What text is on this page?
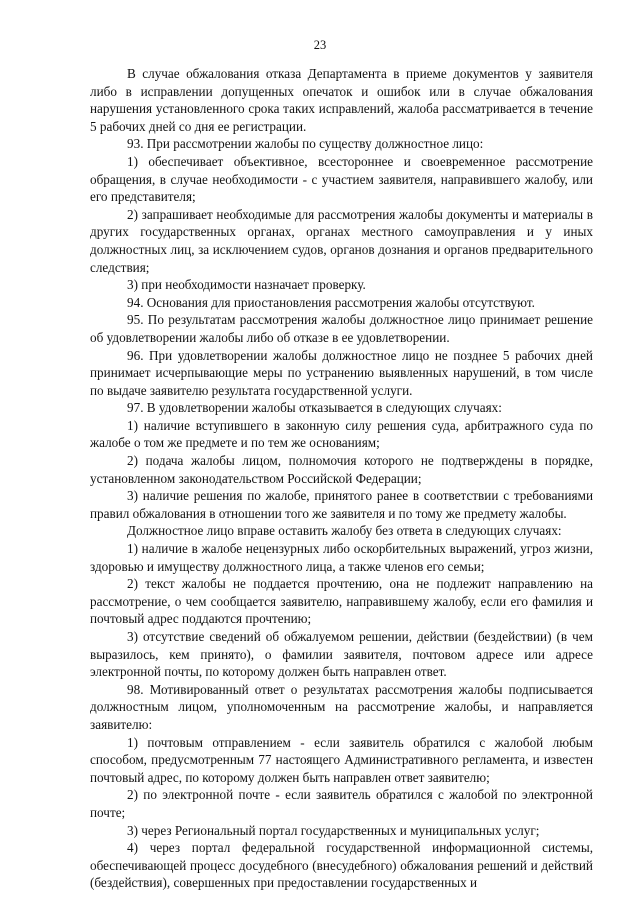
23

В случае обжалования отказа Департамента в приеме документов у заявителя либо в исправлении допущенных опечаток и ошибок или в случае обжалования нарушения установленного срока таких исправлений, жалоба рассматривается в течение 5 рабочих дней со дня ее регистрации.

93. При рассмотрении жалобы по существу должностное лицо:

1) обеспечивает объективное, всестороннее и своевременное рассмотрение обращения, в случае необходимости - с участием заявителя, направившего жалобу, или его представителя;

2) запрашивает необходимые для рассмотрения жалобы документы и материалы в других государственных органах, органах местного самоуправления и у иных должностных лиц, за исключением судов, органов дознания и органов предварительного следствия;

3) при необходимости назначает проверку.

94. Основания для приостановления рассмотрения жалобы отсутствуют.

95. По результатам рассмотрения жалобы должностное лицо принимает решение об удовлетворении жалобы либо об отказе в ее удовлетворении.

96. При удовлетворении жалобы должностное лицо не позднее 5 рабочих дней принимает исчерпывающие меры по устранению выявленных нарушений, в том числе по выдаче заявителю результата государственной услуги.

97. В удовлетворении жалобы отказывается в следующих случаях:

1) наличие вступившего в законную силу решения суда, арбитражного суда по жалобе о том же предмете и по тем же основаниям;

2) подача жалобы лицом, полномочия которого не подтверждены в порядке, установленном законодательством Российской Федерации;

3) наличие решения по жалобе, принятого ранее в соответствии с требованиями правил обжалования в отношении того же заявителя и по тому же предмету жалобы.

Должностное лицо вправе оставить жалобу без ответа в следующих случаях:

1) наличие в жалобе нецензурных либо оскорбительных выражений, угроз жизни, здоровью и имуществу должностного лица, а также членов его семьи;

2) текст жалобы не поддается прочтению, она не подлежит направлению на рассмотрение, о чем сообщается заявителю, направившему жалобу, если его фамилия и почтовый адрес поддаются прочтению;

3) отсутствие сведений об обжалуемом решении, действии (бездействии) (в чем выразилось, кем принято), о фамилии заявителя, почтовом адресе или адресе электронной почты, по которому должен быть направлен ответ.

98. Мотивированный ответ о результатах рассмотрения жалобы подписывается должностным лицом, уполномоченным на рассмотрение жалобы, и направляется заявителю:

1) почтовым отправлением - если заявитель обратился с жалобой любым способом, предусмотренным 77 настоящего Административного регламента, и известен почтовый адрес, по которому должен быть направлен ответ заявителю;

2) по электронной почте - если заявитель обратился с жалобой по электронной почте;

3) через Региональный портал государственных и муниципальных услуг;

4) через портал федеральной государственной информационной системы, обеспечивающей процесс досудебного (внесудебного) обжалования решений и действий (бездействия), совершенных при предоставлении государственных и
